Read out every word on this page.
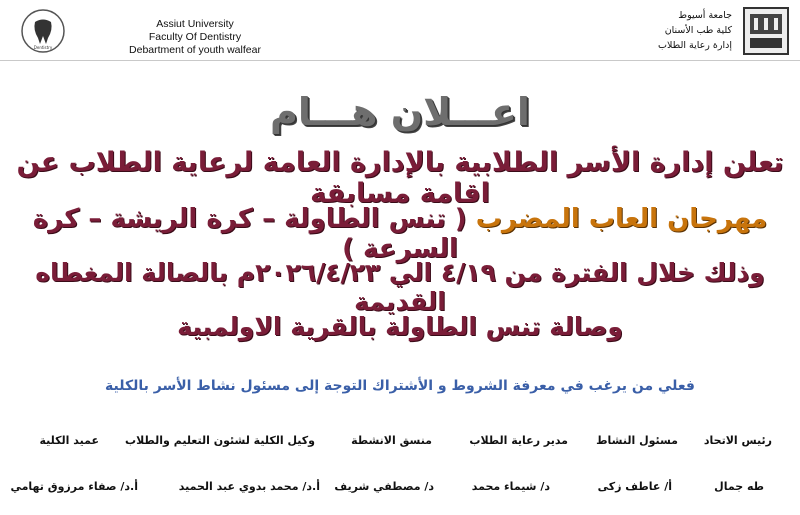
Dentistry
Assiut University
Faculty Of Dentistry
Debartment of youth walfear
جامعة أسيوط
كلية طب الأسنان
إدارة رعاية الطلاب
اعـــلان هـــام
تعلن إدارة الأسر الطلابية بالإدارة العامة لرعاية الطلاب عن اقامة مسابقة
مهرجان العاب المضرب ( تنس الطاولة – كرة الريشة – كرة السرعة )
وذلك خلال الفترة من ٤/١٩ الي ٢٠٢٦/٤/٢٣م بالصالة المغطاه القديمة
وصالة تنس الطاولة بالقرية الاولمبية
فعلي من يرغب في معرفة الشروط و الأشتراك التوجة إلى مسئول نشاط الأسر بالكلية
رئيس الاتحاد
مسئول النشاط
مدير رعاية الطلاب
منسق الانشطة
وكيل الكلية لشئون التعليم والطلاب
عميد الكلية
طه جمال
أ/ عاطف زكى
د/ شيماء محمد
د/ مصطفي شريف
أ.د/ محمد بدوي عبد الحميد
أ.د/ صفاء مرزوق تهامي
